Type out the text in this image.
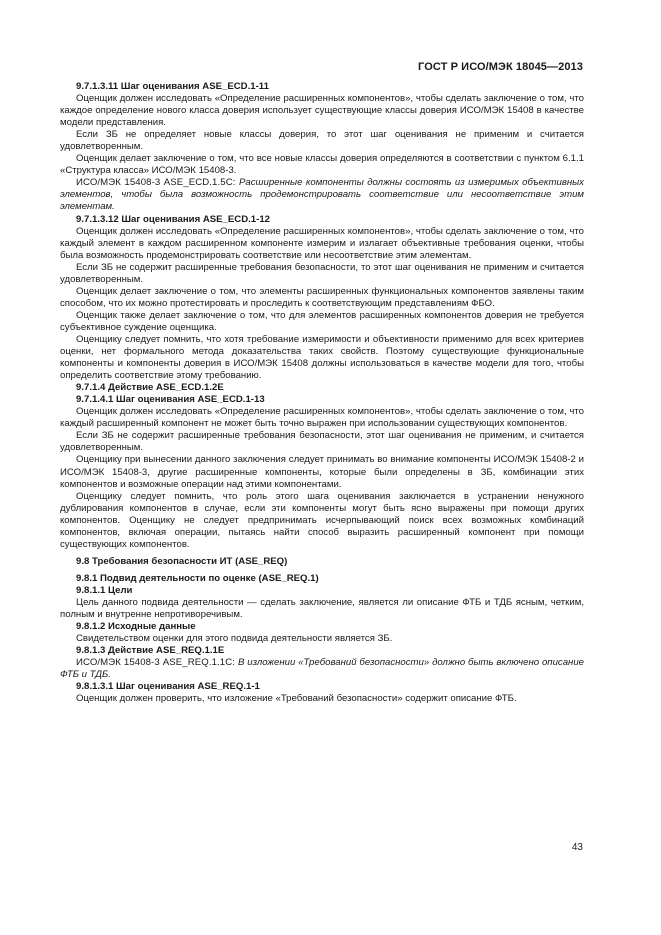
ГОСТ Р ИСО/МЭК 18045—2013

9.7.1.3.11 Шаг оценивания ASE_ECD.1-11

Оценщик должен исследовать «Определение расширенных компонентов», чтобы сделать заключение о том, что каждое определение нового класса доверия использует существующие классы доверия ИСО/МЭК 15408 в качестве модели представления.

Если ЗБ не определяет новые классы доверия, то этот шаг оценивания не применим и считается удовлетворенным.

Оценщик делает заключение о том, что все новые классы доверия определяются в соответствии с пунктом 6.1.1 «Структура класса» ИСО/МЭК 15408-3.

ИСО/МЭК 15408-3 ASE_ECD.1.5C: Расширенные компоненты должны состоять из измеримых объективных элементов, чтобы была возможность продемонстрировать соответствие или несоответствие этим элементам.

9.7.1.3.12 Шаг оценивания ASE_ECD.1-12

Оценщик должен исследовать «Определение расширенных компонентов», чтобы сделать заключение о том, что каждый элемент в каждом расширенном компоненте измерим и излагает объективные требования оценки, чтобы была возможность продемонстрировать соответствие или несоответствие этим элементам.

Если ЗБ не содержит расширенные требования безопасности, то этот шаг оценивания не применим и считается удовлетворенным.

Оценщик делает заключение о том, что элементы расширенных функциональных компонентов заявлены таким способом, что их можно протестировать и проследить к соответствующим представлениям ФБО.

Оценщик также делает заключение о том, что для элементов расширенных компонентов доверия не требуется субъективное суждение оценщика.

Оценщику следует помнить, что хотя требование измеримости и объективности применимо для всех критериев оценки, нет формального метода доказательства таких свойств. Поэтому существующие функциональные компоненты и компоненты доверия в ИСО/МЭК 15408 должны использоваться в качестве модели для того, чтобы определить соответствие этому требованию.

9.7.1.4 Действие ASE_ECD.1.2E

9.7.1.4.1 Шаг оценивания ASE_ECD.1-13

Оценщик должен исследовать «Определение расширенных компонентов», чтобы сделать заключение о том, что каждый расширенный компонент не может быть точно выражен при использовании существующих компонентов.

Если ЗБ не содержит расширенные требования безопасности, этот шаг оценивания не применим, и считается удовлетворенным.

Оценщику при вынесении данного заключения следует принимать во внимание компоненты ИСО/МЭК 15408-2 и ИСО/МЭК 15408-3, другие расширенные компоненты, которые были определены в ЗБ, комбинации этих компонентов и возможные операции над этими компонентами.

Оценщику следует помнить, что роль этого шага оценивания заключается в устранении ненужного дублирования компонентов в случае, если эти компоненты могут быть ясно выражены при помощи других компонентов. Оценщику не следует предпринимать исчерпывающий поиск всех возможных комбинаций компонентов, включая операции, пытаясь найти способ выразить расширенный компонент при помощи существующих компонентов.

9.8 Требования безопасности ИТ (ASE_REQ)

9.8.1 Подвид деятельности по оценке (ASE_REQ.1)

9.8.1.1 Цели

Цель данного подвида деятельности — сделать заключение, является ли описание ФТБ и ТДБ ясным, четким, полным и внутренне непротиворечивым.

9.8.1.2 Исходные данные

Свидетельством оценки для этого подвида деятельности является ЗБ.

9.8.1.3 Действие ASE_REQ.1.1E

ИСО/МЭК 15408-3 ASE_REQ.1.1C: В изложении «Требований безопасности» должно быть включено описание ФТБ и ТДБ.

9.8.1.3.1 Шаг оценивания ASE_REQ.1-1

Оценщик должен проверить, что изложение «Требований безопасности» содержит описание ФТБ.

43
